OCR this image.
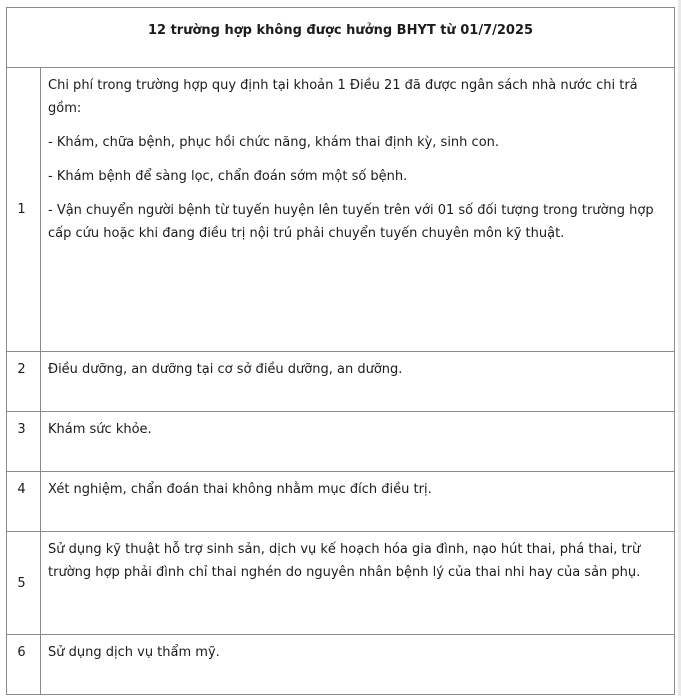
12 trường hợp không được hưởng BHYT từ 01/7/2025	
1	Chi phí trong trường hợp quy định tại khoản 1 Điều 21 đã được ngân sách nhà nước chi trả gồm:

- Khám, chữa bệnh, phục hồi chức năng, khám thai định kỳ, sinh con.

- Khám bệnh để sàng lọc, chẩn đoán sớm một số bệnh.

- Vận chuyển người bệnh từ tuyến huyện lên tuyến trên với 01 số đối tượng trong trường hợp cấp cứu hoặc khi đang điều trị nội trú phải chuyển tuyến chuyên môn kỹ thuật.

2	Điều dưỡng, an dưỡng tại cơ sở điều dưỡng, an dưỡng.

3	Khám sức khỏe.

4	Xét nghiệm, chẩn đoán thai không nhằm mục đích điều trị.

5	Sử dụng kỹ thuật hỗ trợ sinh sản, dịch vụ kế hoạch hóa gia đình, nạo hút thai, phá thai, trừ trường hợp phải đình chỉ thai nghén do nguyên nhân bệnh lý của thai nhi hay của sản phụ.

6	Sử dụng dịch vụ thẩm mỹ.
